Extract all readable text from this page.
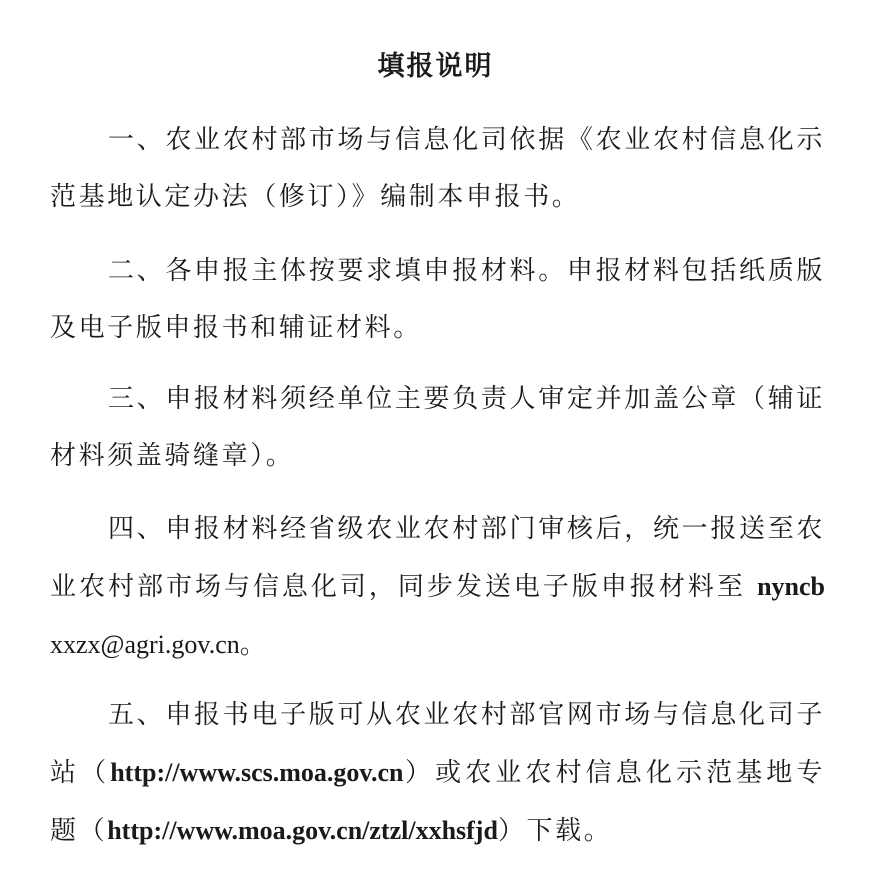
填报说明
一、农业农村部市场与信息化司依据《农业农村信息化示范基地认定办法（修订）》编制本申报书。
二、各申报主体按要求填申报材料。申报材料包括纸质版及电子版申报书和辅证材料。
三、申报材料须经单位主要负责人审定并加盖公章（辅证材料须盖骑缝章）。
四、申报材料经省级农业农村部门审核后，统一报送至农业农村部市场与信息化司，同步发送电子版申报材料至 nyncbxxzx@agri.gov.cn。
五、申报书电子版可从农业农村部官网市场与信息化司子站（http://www.scs.moa.gov.cn）或农业农村信息化示范基地专题（http://www.moa.gov.cn/ztzl/xxhsfjd）下载。
